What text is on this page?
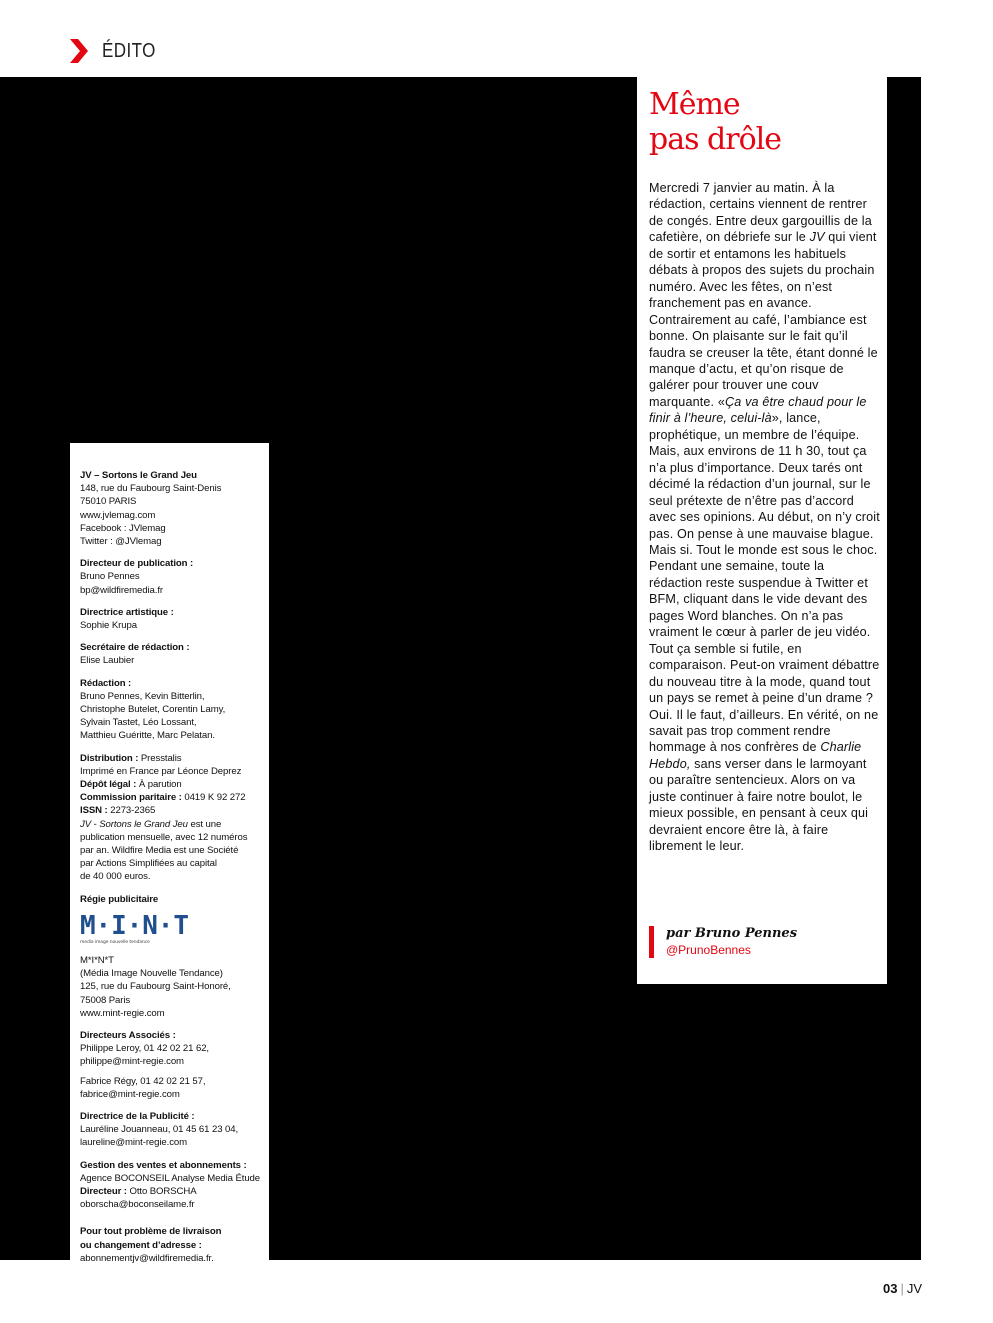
ÉDITO
Même
pas drôle

Mercredi 7 janvier au matin. À la rédaction, certains viennent de rentrer de congés. Entre deux gargouillis de la cafetière, on débriefe sur le JV qui vient de sortir et entamons les habituels débats à propos des sujets du prochain numéro. Avec les fêtes, on n’est franchement pas en avance. Contrairement au café, l’ambiance est bonne. On plaisante sur le fait qu’il faudra se creuser la tête, étant donné le manque d’actu, et qu’on risque de galérer pour trouver une couv marquante. «Ça va être chaud pour le finir à l’heure, celui-là», lance, prophétique, un membre de l’équipe. Mais, aux environs de 11 h 30, tout ça n’a plus d’importance. Deux tarés ont décimé la rédaction d’un journal, sur le seul prétexte de n’être pas d’accord avec ses opinions. Au début, on n’y croit pas. On pense à une mauvaise blague. Mais si. Tout le monde est sous le choc. Pendant une semaine, toute la rédaction reste suspendue à Twitter et BFM, cliquant dans le vide devant des pages Word blanches. On n’a pas vraiment le cœur à parler de jeu vidéo. Tout ça semble si futile, en comparaison. Peut-on vraiment débattre du nouveau titre à la mode, quand tout un pays se remet à peine d’un drame ? Oui. Il le faut, d’ailleurs. En vérité, on ne savait pas trop comment rendre hommage à nos confrères de Charlie Hebdo, sans verser dans le larmoyant ou paraître sentencieux. Alors on va juste continuer à faire notre boulot, le mieux possible, en pensant à ceux qui devraient encore être là, à faire librement le leur.

par Bruno Pennes
@PrunoBennes
JV – Sortons le Grand Jeu
148, rue du Faubourg Saint-Denis
75010 PARIS
www.jvlemag.com
Facebook : JVlemag
Twitter : @JVlemag
Directeur de publication :
Bruno Pennes
bp@wildfiremedia.fr
Directrice artistique :
Sophie Krupa
Secrétaire de rédaction :
Elise Laubier
Rédaction :
Bruno Pennes, Kevin Bitterlin,
Christophe Butelet, Corentin Lamy,
Sylvain Tastet, Léo Lossant,
Matthieu Guéritte, Marc Pelatan.
Distribution : Presstalis
Imprimé en France par Léonce Deprez
Dépôt légal : À parution
Commission paritaire : 0419 K 92 272
ISSN : 2273-2365
JV - Sortons le Grand Jeu est une
publication mensuelle, avec 12 numéros
par an. Wildfire Media est une Société
par Actions Simplifiées au capital
de 40 000 euros.
Régie publicitaire
M·I·N·T
media image nouvelle tendance
M*I*N*T
(Média Image Nouvelle Tendance)
125, rue du Faubourg Saint-Honoré,
75008 Paris
www.mint-regie.com
Directeurs Associés :
Philippe Leroy, 01 42 02 21 62,
philippe@mint-regie.com
Fabrice Régy, 01 42 02 21 57,
fabrice@mint-regie.com
Directrice de la Publicité :
Lauréline Jouanneau, 01 45 61 23 04,
laureline@mint-regie.com
Gestion des ventes et abonnements :
Agence BOCONSEIL Analyse Media Étude
Directeur : Otto BORSCHA
oborscha@boconseilame.fr
Pour tout problème de livraison
ou changement d’adresse :
abonnementjv@wildfiremedia.fr.
03 | JV
